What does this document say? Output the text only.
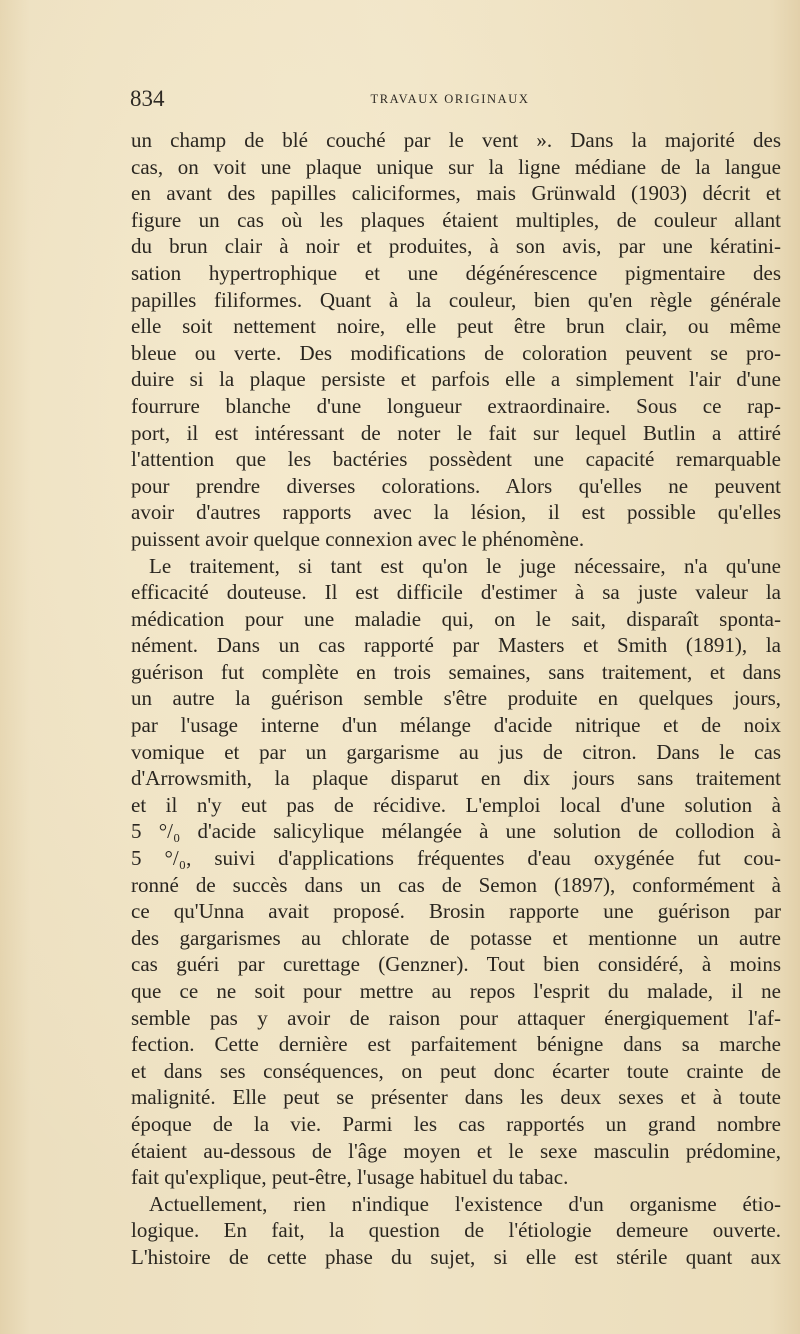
834	TRAVAUX ORIGINAUX
un champ de blé couché par le vent ». Dans la majorité des
cas, on voit une plaque unique sur la ligne médiane de la langue
en avant des papilles caliciformes, mais Grünwald (1903) décrit et
figure un cas où les plaques étaient multiples, de couleur allant
du brun clair à noir et produites, à son avis, par une kératini-
sation hypertrophique et une dégénérescence pigmentaire des
papilles filiformes. Quant à la couleur, bien qu'en règle générale
elle soit nettement noire, elle peut être brun clair, ou même
bleue ou verte. Des modifications de coloration peuvent se pro-
duire si la plaque persiste et parfois elle a simplement l'air d'une
fourrure blanche d'une longueur extraordinaire. Sous ce rap-
port, il est intéressant de noter le fait sur lequel Butlin a attiré
l'attention que les bactéries possèdent une capacité remarquable
pour prendre diverses colorations. Alors qu'elles ne peuvent
avoir d'autres rapports avec la lésion, il est possible qu'elles
puissent avoir quelque connexion avec le phénomène.
Le traitement, si tant est qu'on le juge nécessaire, n'a qu'une
efficacité douteuse. Il est difficile d'estimer à sa juste valeur la
médication pour une maladie qui, on le sait, disparaît sponta-
nément. Dans un cas rapporté par Masters et Smith (1891), la
guérison fut complète en trois semaines, sans traitement, et dans
un autre la guérison semble s'être produite en quelques jours,
par l'usage interne d'un mélange d'acide nitrique et de noix
vomique et par un gargarisme au jus de citron. Dans le cas
d'Arrowsmith, la plaque disparut en dix jours sans traitement
et il n'y eut pas de récidive. L'emploi local d'une solution à
5 °/₀ d'acide salicylique mélangée à une solution de collodion à
5 °/₀, suivi d'applications fréquentes d'eau oxygénée fut cou-
ronné de succès dans un cas de Semon (1897), conformément à
ce qu'Unna avait proposé. Brosin rapporte une guérison par
des gargarismes au chlorate de potasse et mentionne un autre
cas guéri par curettage (Genzner). Tout bien considéré, à moins
que ce ne soit pour mettre au repos l'esprit du malade, il ne
semble pas y avoir de raison pour attaquer énergiquement l'af-
fection. Cette dernière est parfaitement bénigne dans sa marche
et dans ses conséquences, on peut donc écarter toute crainte de
malignité. Elle peut se présenter dans les deux sexes et à toute
époque de la vie. Parmi les cas rapportés un grand nombre
étaient au-dessous de l'âge moyen et le sexe masculin prédomine,
fait qu'explique, peut-être, l'usage habituel du tabac.
Actuellement, rien n'indique l'existence d'un organisme étio-
logique. En fait, la question de l'étiologie demeure ouverte.
L'histoire de cette phase du sujet, si elle est stérile quant aux
